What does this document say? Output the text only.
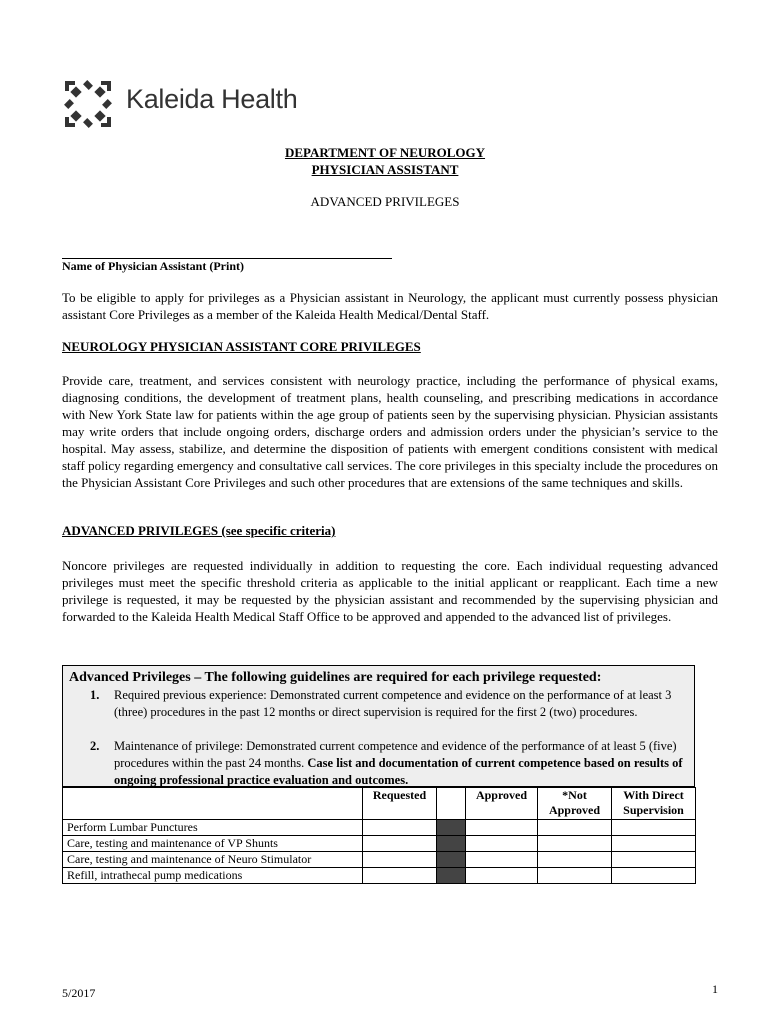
Kaleida Health
DEPARTMENT OF NEUROLOGY
PHYSICIAN ASSISTANT
ADVANCED PRIVILEGES
Name of Physician Assistant (Print)
To be eligible to apply for privileges as a Physician assistant in Neurology, the applicant must currently possess physician assistant Core Privileges as a member of the Kaleida Health Medical/Dental Staff.
NEUROLOGY PHYSICIAN ASSISTANT CORE PRIVILEGES
Provide care, treatment, and services consistent with neurology practice, including the performance of physical exams, diagnosing conditions, the development of treatment plans, health counseling, and prescribing medications in accordance with New York State law for patients within the age group of patients seen by the supervising physician. Physician assistants may write orders that include ongoing orders, discharge orders and admission orders under the physician’s service to the hospital. May assess, stabilize, and determine the disposition of patients with emergent conditions consistent with medical staff policy regarding emergency and consultative call services. The core privileges in this specialty include the procedures on the Physician Assistant Core Privileges and such other procedures that are extensions of the same techniques and skills.
ADVANCED PRIVILEGES (see specific criteria)
Noncore privileges are requested individually in addition to requesting the core. Each individual requesting advanced privileges must meet the specific threshold criteria as applicable to the initial applicant or reapplicant. Each time a new privilege is requested, it may be requested by the physician assistant and recommended by the supervising physician and forwarded to the Kaleida Health Medical Staff Office to be approved and appended to the advanced list of privileges.
Advanced Privileges – The following guidelines are required for each privilege requested:
1. Required previous experience: Demonstrated current competence and evidence on the performance of at least 3 (three) procedures in the past 12 months or direct supervision is required for the first 2 (two) procedures.
2. Maintenance of privilege: Demonstrated current competence and evidence of the performance of at least 5 (five) procedures within the past 24 months. Case list and documentation of current competence based on results of ongoing professional practice evaluation and outcomes.
	Requested		Approved	*Not Approved	With Direct Supervision
Perform Lumbar Punctures					
Care, testing and maintenance of VP Shunts					
Care, testing and maintenance of Neuro Stimulator					
Refill, intrathecal pump medications					
5/2017	1
